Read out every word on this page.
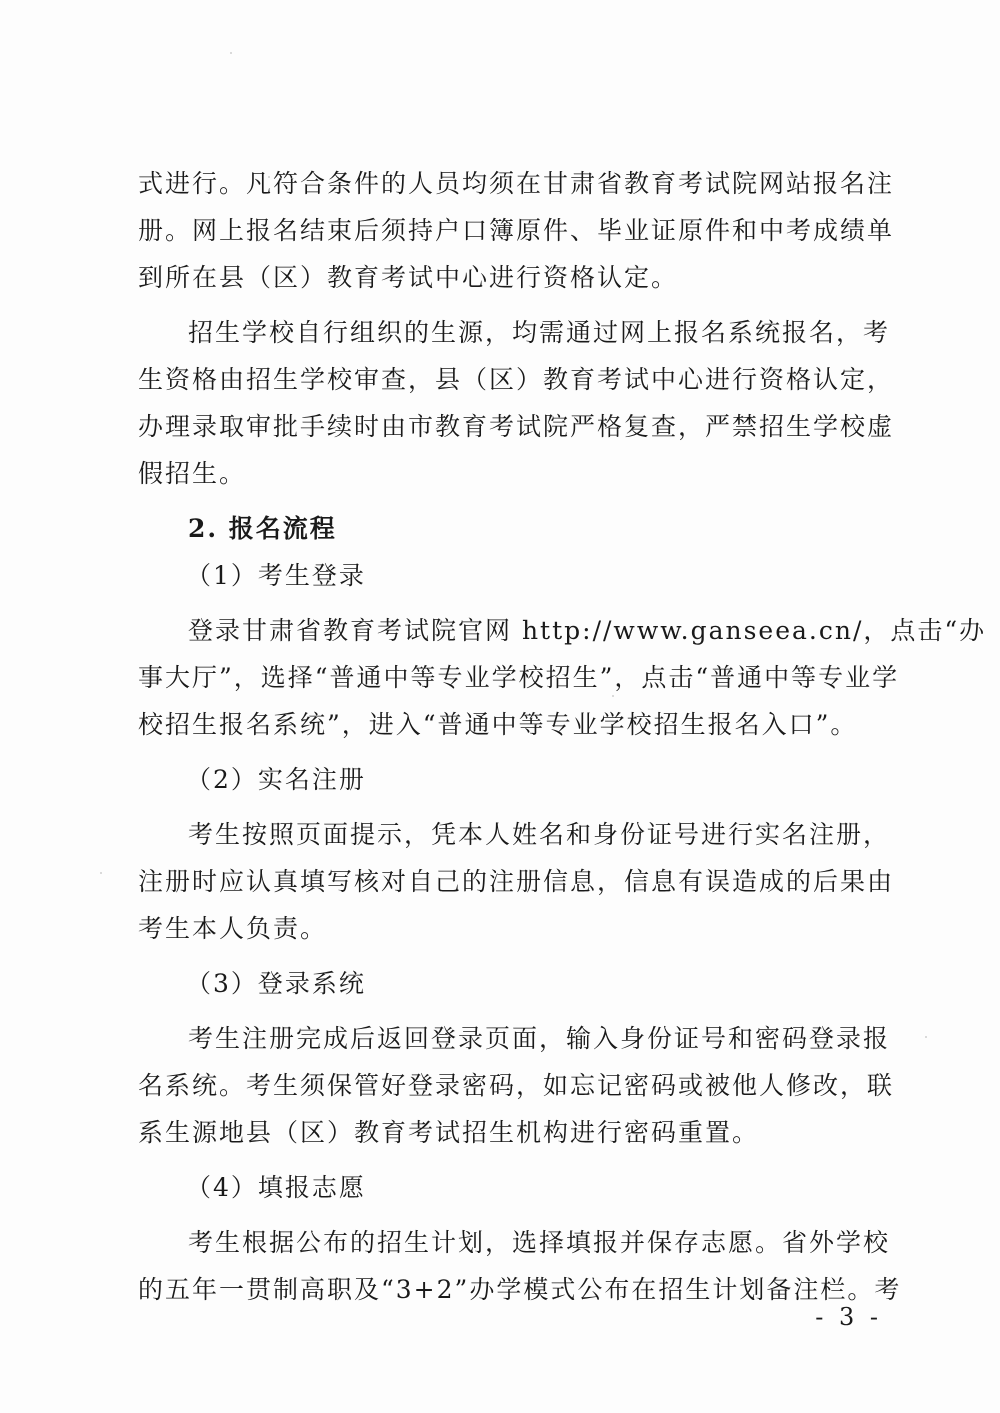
式进行。凡符合条件的人员均须在甘肃省教育考试院网站报名注
册。网上报名结束后须持户口簿原件、毕业证原件和中考成绩单
到所在县（区）教育考试中心进行资格认定。
招生学校自行组织的生源，均需通过网上报名系统报名，考
生资格由招生学校审查，县（区）教育考试中心进行资格认定，
办理录取审批手续时由市教育考试院严格复查，严禁招生学校虚
假招生。
2. 报名流程
（1）考生登录
登录甘肃省教育考试院官网 http://www.ganseea.cn/，点击“办
事大厅”，选择“普通中等专业学校招生”，点击“普通中等专业学
校招生报名系统”，进入“普通中等专业学校招生报名入口”。
（2）实名注册
考生按照页面提示，凭本人姓名和身份证号进行实名注册，
注册时应认真填写核对自己的注册信息，信息有误造成的后果由
考生本人负责。
（3）登录系统
考生注册完成后返回登录页面，输入身份证号和密码登录报
名系统。考生须保管好登录密码，如忘记密码或被他人修改，联
系生源地县（区）教育考试招生机构进行密码重置。
（4）填报志愿
考生根据公布的招生计划，选择填报并保存志愿。省外学校
的五年一贯制高职及“3+2”办学模式公布在招生计划备注栏。考
- 3 -
